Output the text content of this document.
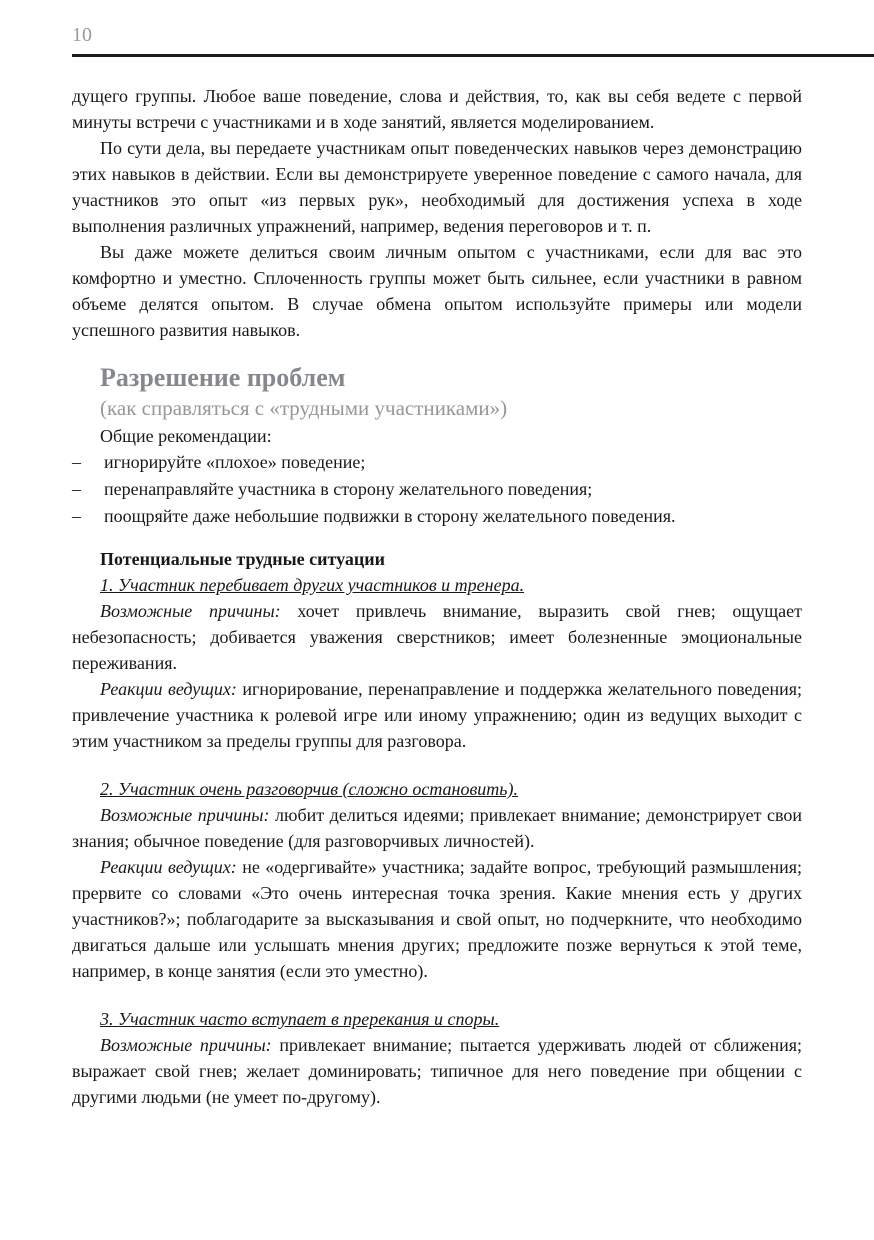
10

дущего группы. Любое ваше поведение, слова и действия, то, как вы себя ведете с первой минуты встречи с участниками и в ходе занятий, является моделированием.

По сути дела, вы передаете участникам опыт поведенческих навыков через демонстрацию этих навыков в действии. Если вы демонстрируете уверенное поведение с самого начала, для участников это опыт «из первых рук», необходимый для достижения успеха в ходе выполнения различных упражнений, например, ведения переговоров и т. п.

Вы даже можете делиться своим личным опытом с участниками, если для вас это комфортно и уместно. Сплоченность группы может быть сильнее, если участники в равном объеме делятся опытом. В случае обмена опытом используйте примеры или модели успешного развития навыков.

Разрешение проблем
(как справляться с «трудными участниками»)

Общие рекомендации:

–	игнорируйте «плохое» поведение;
–	перенаправляйте участника в сторону желательного поведения;
–	поощряйте даже небольшие подвижки в сторону желательного поведения.

Потенциальные трудные ситуации

1. Участник перебивает других участников и тренера.

Возможные причины: хочет привлечь внимание, выразить свой гнев; ощущает небезопасность; добивается уважения сверстников; имеет болезненные эмоциональные переживания.

Реакции ведущих: игнорирование, перенаправление и поддержка желательного поведения; привлечение участника к ролевой игре или иному упражнению; один из ведущих выходит с этим участником за пределы группы для разговора.

2. Участник очень разговорчив (сложно остановить).

Возможные причины: любит делиться идеями; привлекает внимание; демонстрирует свои знания; обычное поведение (для разговорчивых личностей).

Реакции ведущих: не «одергивайте» участника; задайте вопрос, требующий размышления; прервите со словами «Это очень интересная точка зрения. Какие мнения есть у других участников?»; поблагодарите за высказывания и свой опыт, но подчеркните, что необходимо двигаться дальше или услышать мнения других; предложите позже вернуться к этой теме, например, в конце занятия (если это уместно).

3. Участник часто вступает в пререкания и споры.

Возможные причины: привлекает внимание; пытается удерживать людей от сближения; выражает свой гнев; желает доминировать; типичное для него поведение при общении с другими людьми (не умеет по-другому).
